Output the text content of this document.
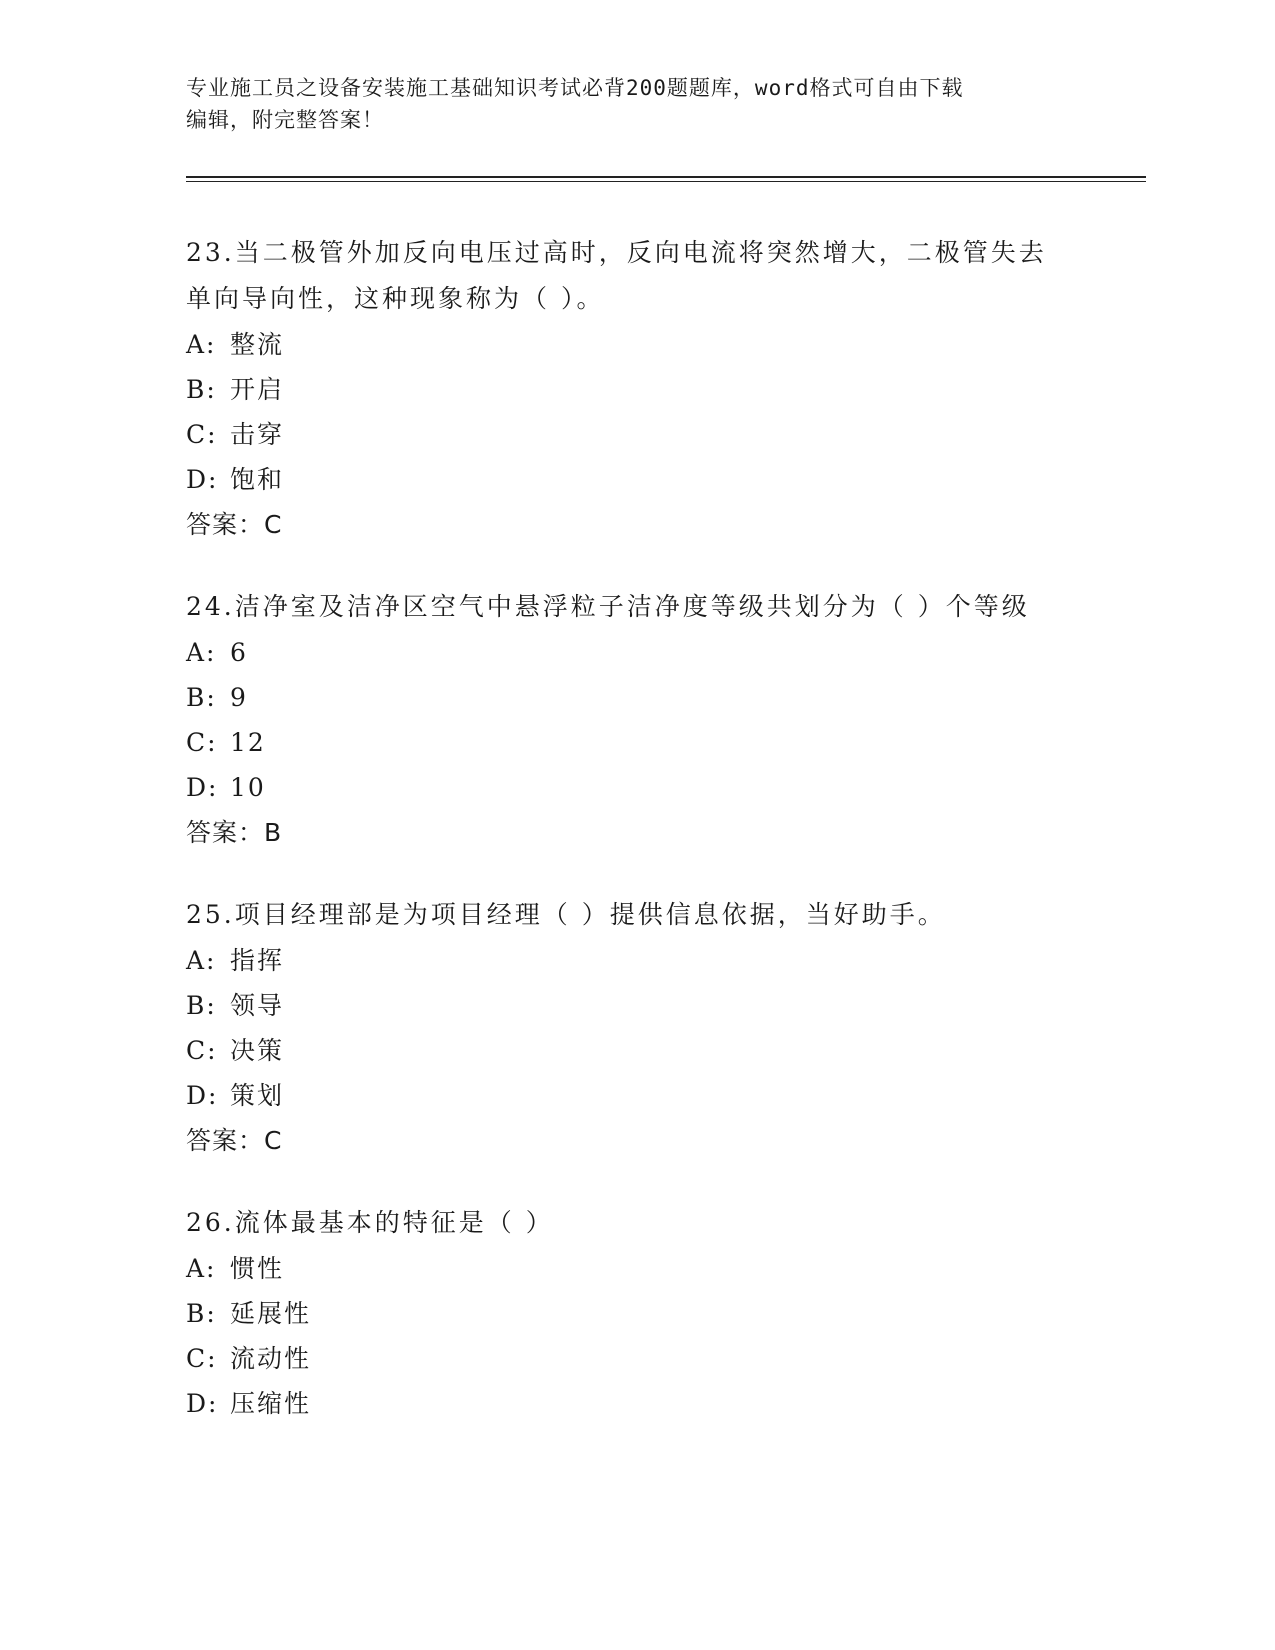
专业施工员之设备安装施工基础知识考试必背200题题库，word格式可自由下载
编辑，附完整答案！

23.当二极管外加反向电压过高时，反向电流将突然增大，二极管失去

单向导向性，这种现象称为（ ）。

A: 整流

B: 开启

C: 击穿

D: 饱和

答案：C

24.洁净室及洁净区空气中悬浮粒子洁净度等级共划分为（ ）个等级

A: 6

B: 9

C: 12

D: 10

答案：B

25.项目经理部是为项目经理（ ）提供信息依据，当好助手。

A: 指挥

B: 领导

C: 决策

D: 策划

答案：C

26.流体最基本的特征是（ ）

A: 惯性

B: 延展性

C: 流动性

D: 压缩性
